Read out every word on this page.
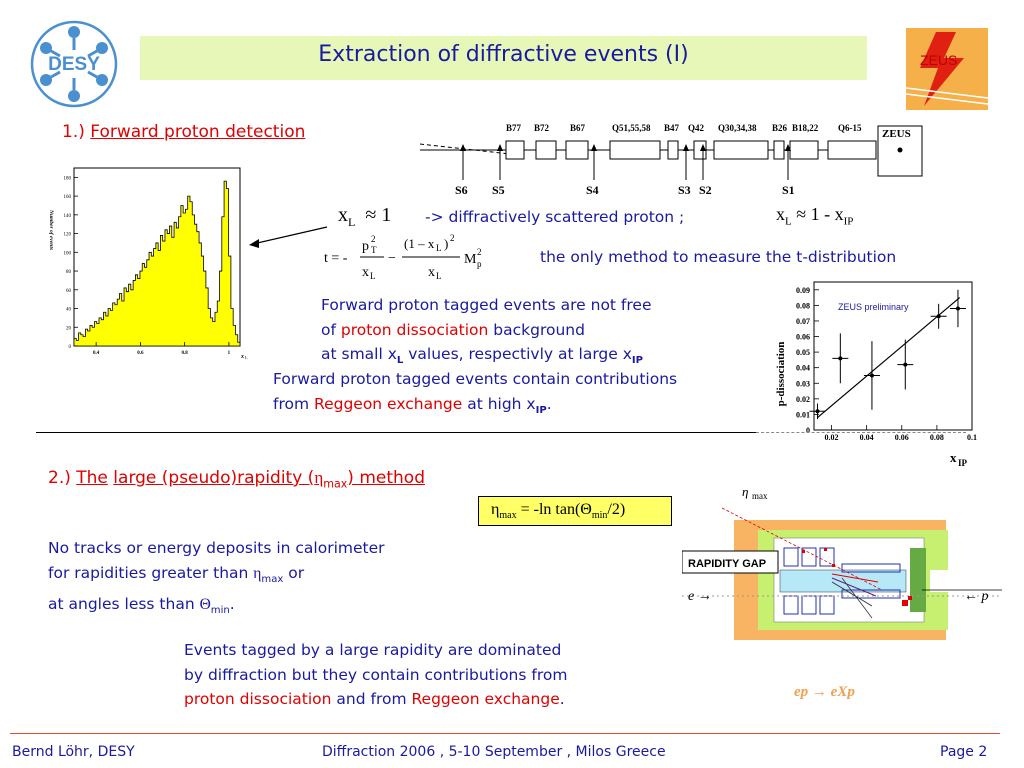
DESY	Extraction of diffractive events (I)	ZEUS
1.) Forward proton detection
0
20
40
60
80
100
120
140
160
180
0.4	0.6	0.8	1
Number of events
x L
B77 B72 B67	Q51,55,58 B47 Q42 Q30,34,38 B26 B18,22 Q6-15 ZEUS
S6 S5	S4	S3 S2	S1
$x_L \approx 1$ -> diffractively scattered proton ;	$x_L \approx 1 - x_{IP}$
t = -
p 2
T
x L
−
(1 – x L ) 2
x L
M 2
p	the only method to measure the t-distribution
Forward proton tagged events are not free
of proton dissociation background
at small $x_L$ values, respectivly at large $x_{IP}$
Forward proton tagged events contain contributions
from Reggeon exchange at high $x_{IP}$.
0
0.01
0.02
0.03
0.04
0.05
0.06
0.07
0.08
0.09
0.02	0.04	0.06	0.08	0.1
ZEUS preliminary
p-dissociation
x IP
2.) The large (pseudo)rapidity $(\eta_{max})$ method
$\eta_{max} = -\ln$ $\tan(\Theta_{min}/2)$
No tracks or energy deposits in calorimeter
for rapidities greater than $\eta_{max}$ or
at angles less than $\Theta_{min}$.
Events tagged by a large rapidity are dominated
by diffraction but they contain contributions from
proton dissociation and from Reggeon exchange.
RAPIDITY GAP
η max
e →	← p
ep → eXp
Bernd Löhr, DESY	Diffraction 2006 , 5-10 September , Milos Greece	Page 2
